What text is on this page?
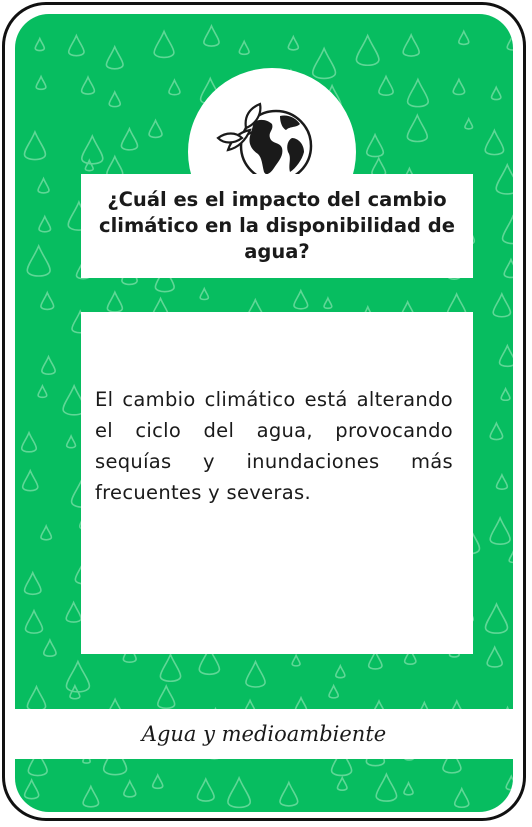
¿Cuál es el impacto del cambio climático en la disponibilidad de agua?

El cambio climático está alterando el ciclo del agua, provocando sequías y inundaciones más frecuentes y severas.

Agua y medioambiente
